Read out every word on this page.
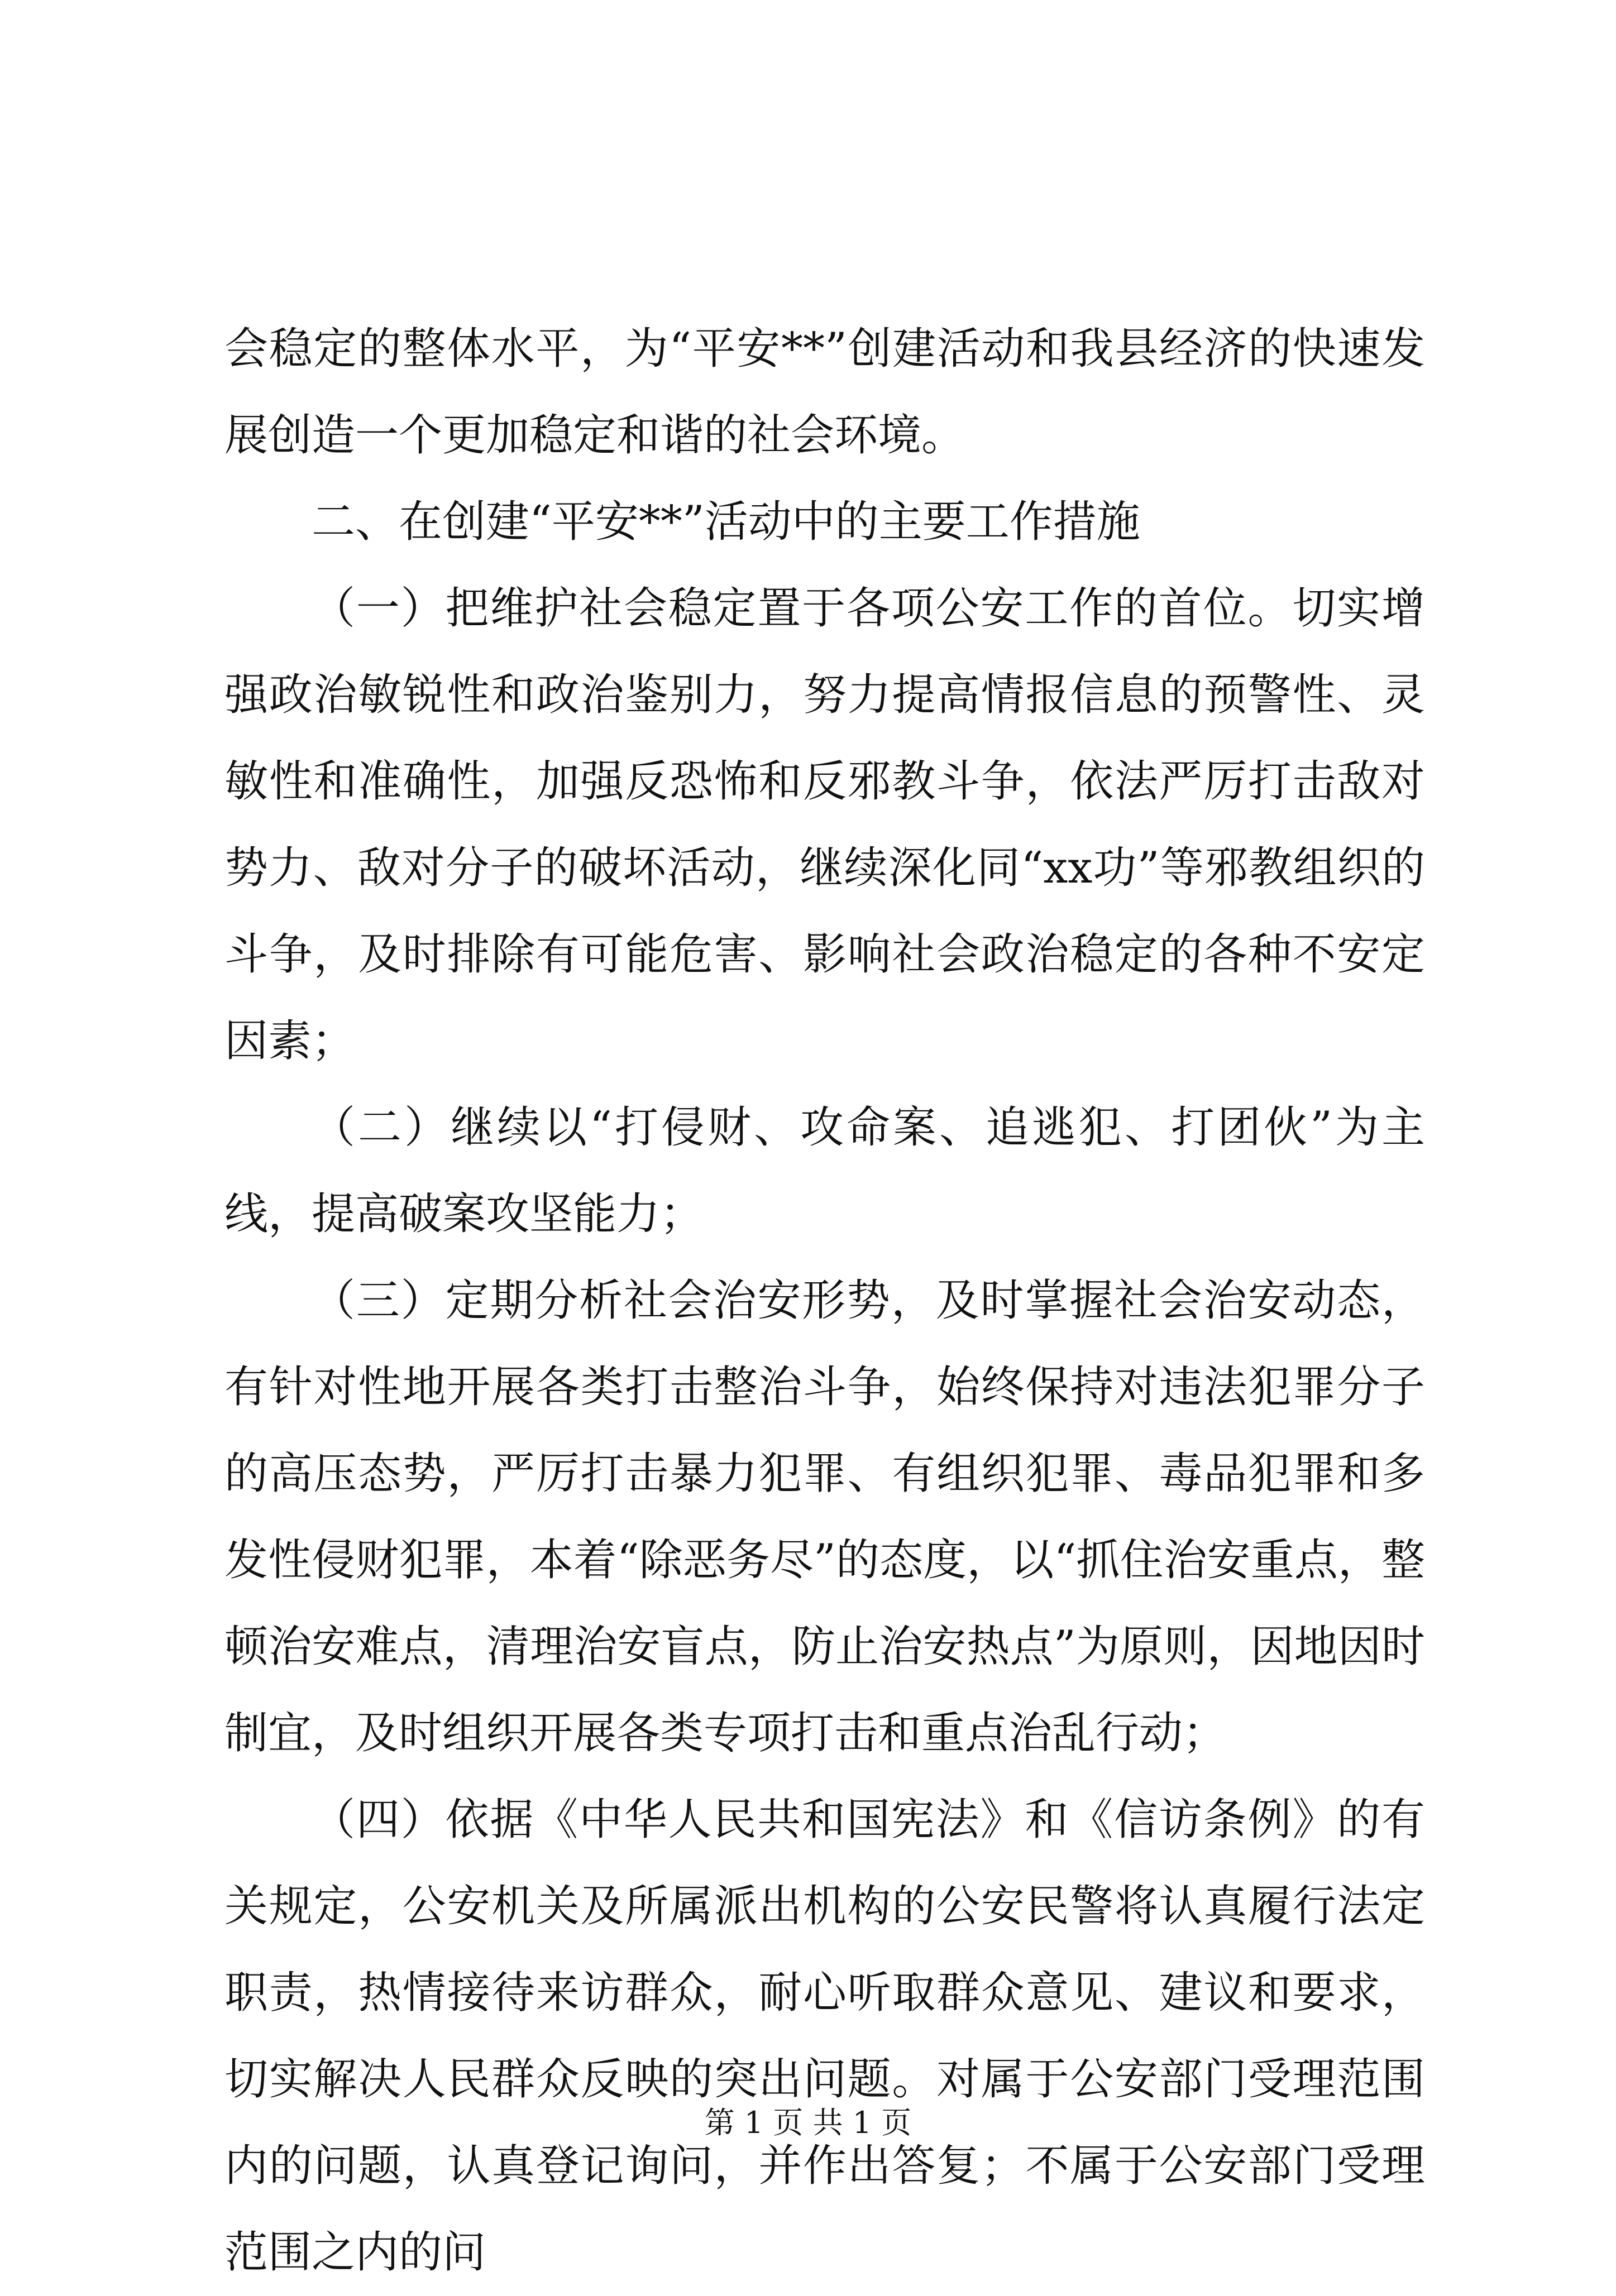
会稳定的整体水平，为“平安**”创建活动和我县经济的快速发展创造一个更加稳定和谐的社会环境。

二、在创建“平安**”活动中的主要工作措施

（一）把维护社会稳定置于各项公安工作的首位。切实增强政治敏锐性和政治鉴别力，努力提高情报信息的预警性、灵敏性和准确性，加强反恐怖和反邪教斗争，依法严厉打击敌对势力、敌对分子的破坏活动，继续深化同“xx功”等邪教组织的斗争，及时排除有可能危害、影响社会政治稳定的各种不安定因素；

（二）继续以“打侵财、攻命案、追逃犯、打团伙”为主线，提高破案攻坚能力；

（三）定期分析社会治安形势，及时掌握社会治安动态，有针对性地开展各类打击整治斗争，始终保持对违法犯罪分子的高压态势，严厉打击暴力犯罪、有组织犯罪、毒品犯罪和多发性侵财犯罪，本着“除恶务尽”的态度，以“抓住治安重点，整顿治安难点，清理治安盲点，防止治安热点”为原则，因地因时制宜，及时组织开展各类专项打击和重点治乱行动；

（四）依据《中华人民共和国宪法》和《信访条例》的有关规定，公安机关及所属派出机构的公安民警将认真履行法定职责，热情接待来访群众，耐心听取群众意见、建议和要求，切实解决人民群众反映的突出问题。对属于公安部门受理范围内的问题，认真登记询问，并作出答复；不属于公安部门受理范围之内的问

第 1 页 共 1 页
